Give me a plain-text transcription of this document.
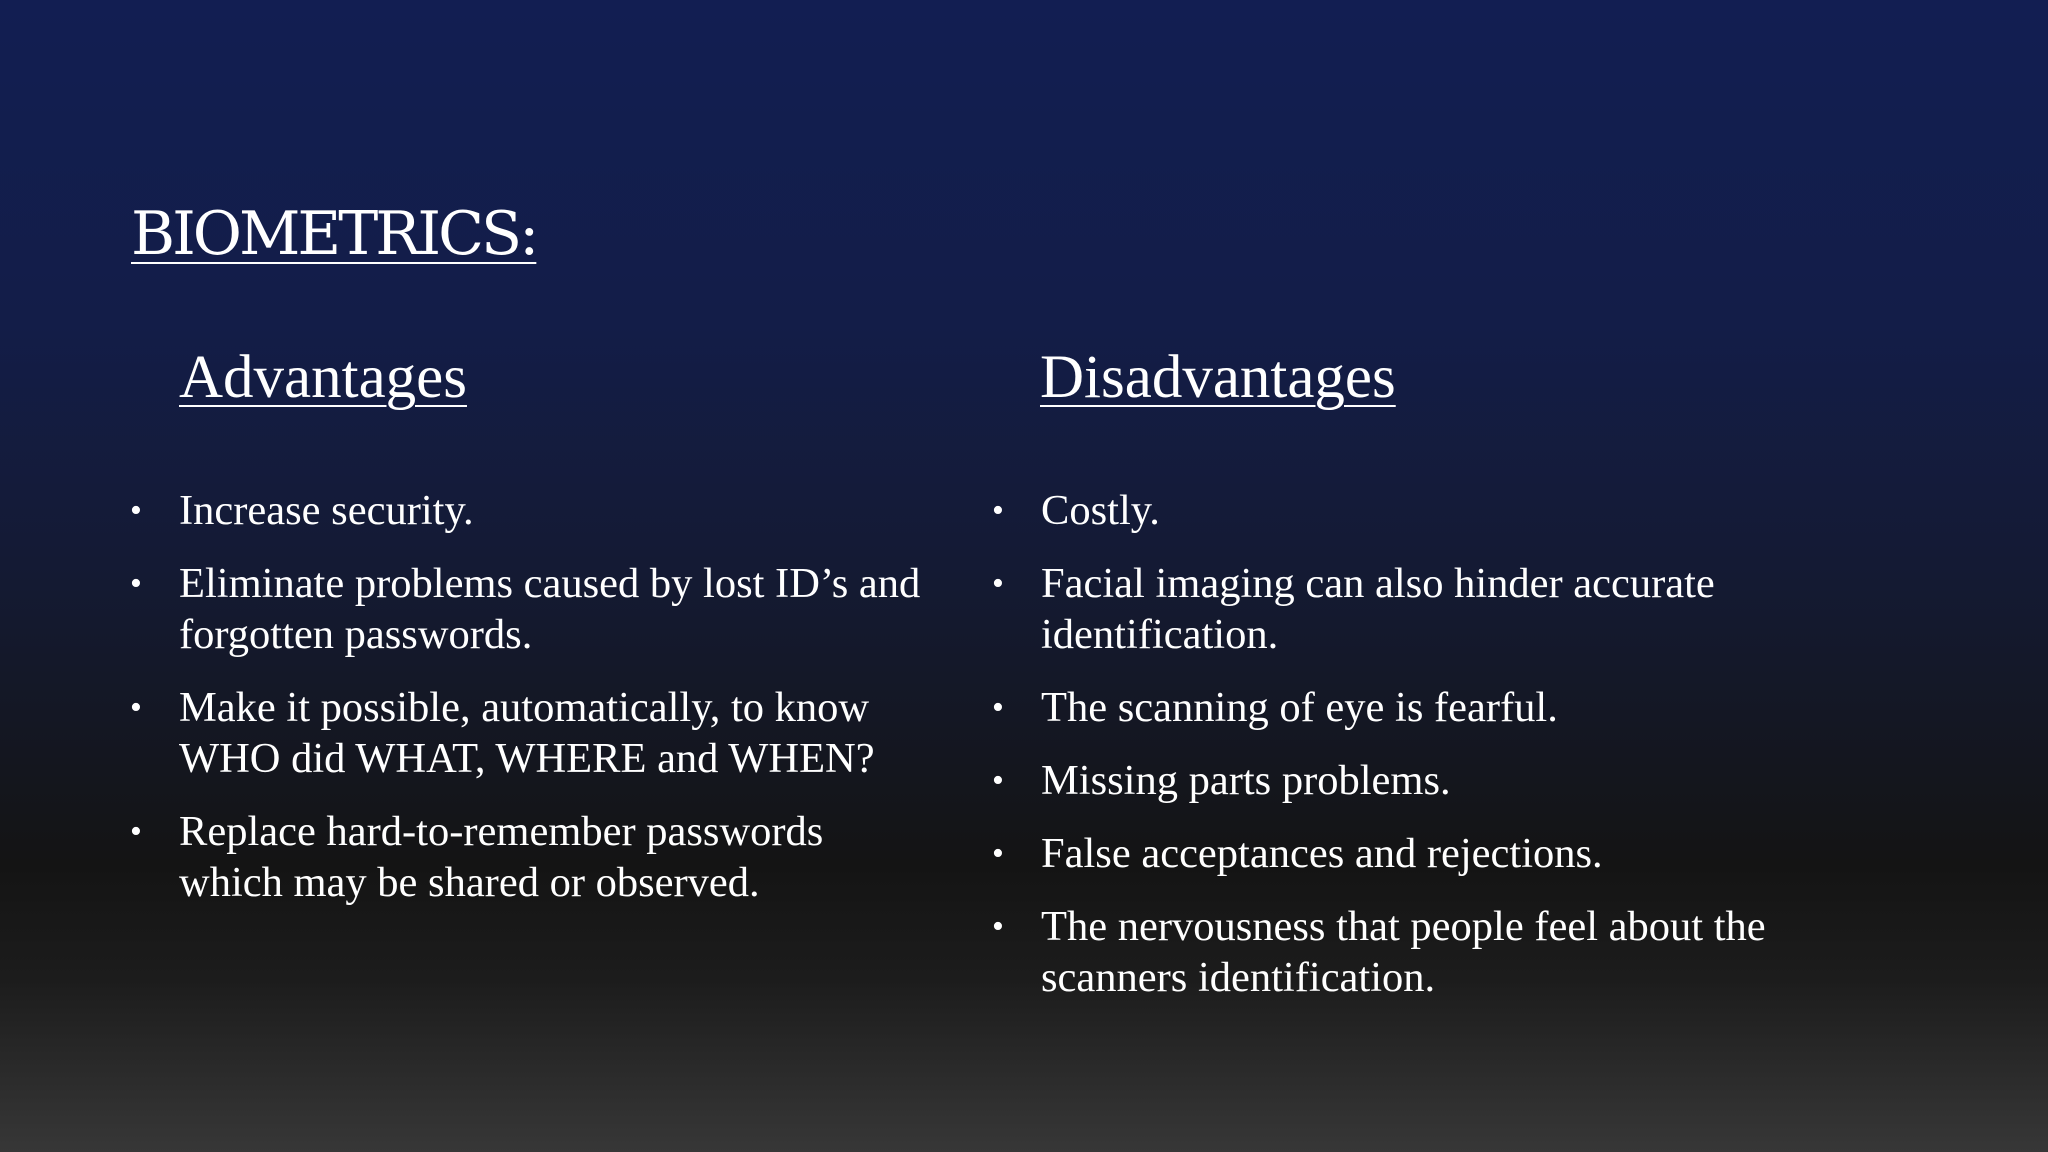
BIOMETRICS:
Advantages	Disadvantages
• Increase security.
• Eliminate problems caused by lost ID’s and forgotten passwords.
• Make it possible, automatically, to know WHO did WHAT, WHERE and WHEN?
• Replace hard-to-remember passwords which may be shared or observed.
• Costly.
• Facial imaging can also hinder accurate identification.
• The scanning of eye is fearful.
• Missing parts problems.
• False acceptances and rejections.
• The nervousness that people feel about the scanners identification.
